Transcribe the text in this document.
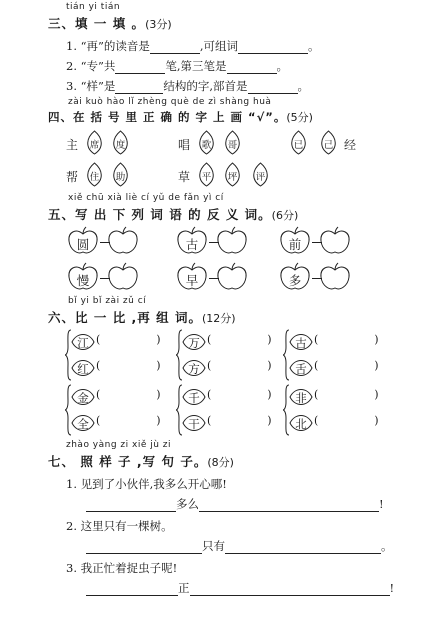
tián yi tián
三、填 一 填 。(3分)
1. “再”的读音是	,可组词	。
2. “专”共	笔,第三笔是	。
3. “样”是	结构的字,部首是	。
zài kuò hào lǐ zhèng què de zì shàng huà
四、在 括 号 里 正 确 的 字 上 画 “√”。(5分)
主	席	度	唱	歌	哥	已	己 经
帮	住	助	草	平	坪	评
xiě chū xià liè cí yǔ de fǎn yì cí
五、写 出 下 列 词 语 的 反 义 词。(6分)
圆	古	前
慢	早	多
bǐ yi bǐ zài zǔ cí
六、比 一 比 ,再 组 词。(12分)
江 (	)
红 (	)
万 (	)
方 (	)
古 (	)
舌 (	)
金 (	)
全 (	)
千 (	)
干 (	)
非 (	)
北 (	)
zhào yàng zi xiě jù zi
七、 照 样 子 ,写 句 子。(8分)
1. 见到了小伙伴,我多么开心哪!
多么	!
2. 这里只有一棵树。
只有	。
3. 我正忙着捉虫子呢!
正	!
